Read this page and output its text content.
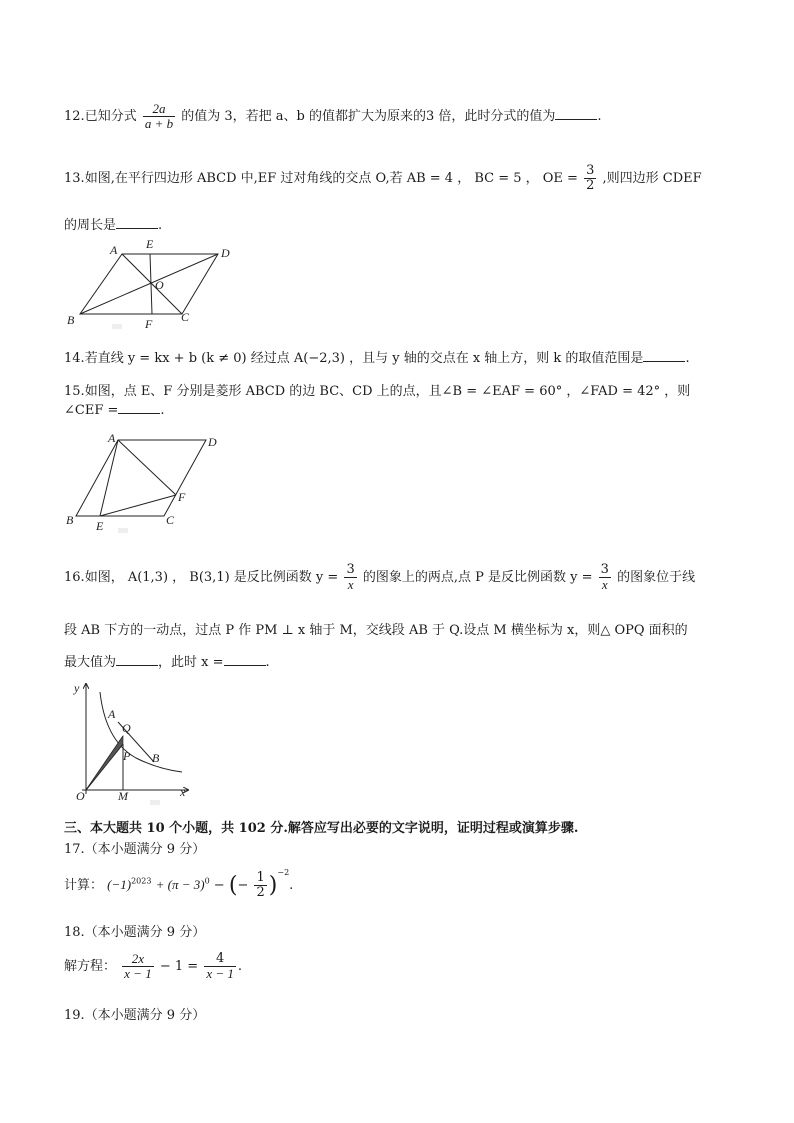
12.已知分式 $\frac{2a}{a + b}$ 的值为 3，若把 a、b 的值都扩大为原来的3 倍，此时分式的值为	.
13.如图,在平行四边形 ABCD 中,EF 过对角线的交点 O,若 AB = 4 ， BC = 5 ， OE = $\frac{3}{2}$ ,则四边形 CDEF
的周长是	.
A E
D
O
B	F C
14.若直线 y = kx + b (k ≠ 0) 经过点 A(−2,3) ，且与 y 轴的交点在 x 轴上方，则 k 的取值范围是	.
15.如图，点 E、F 分别是菱形 ABCD 的边 BC、CD 上的点，且∠B = ∠EAF = 60° ，∠FAD = 42° ，则
∠CEF =	.
A	D
F
B E	C
16.如图， A(1,3) ， B(3,1) 是反比例函数 $y = \frac{3}{x}$ 的图象上的两点,点 P 是反比例函数 $y = \frac{3}{x}$ 的图象位于线
段 AB 下方的一动点，过点 P 作 PM ⊥ x 轴于 M，交线段 AB 于 Q.设点 M 横坐标为 x，则△ OPQ 面积的
最大值为	，此时 x =	.
y
A
Q
P B
O	M	x
三、本大题共 10 个小题，共 102 分.解答应写出必要的文字说明，证明过程或演算步骤.
17.（本小题满分 9 分）
计算： $(-1)^{2023} + (\pi - 3)^0$ − (− $\frac{1}{2} )^{-2}$.
18.（本小题满分 9 分）
解方程： $\frac{2x}{x - 1} - 1 = \frac{4}{x - 1}$ .
19.（本小题满分 9 分）
